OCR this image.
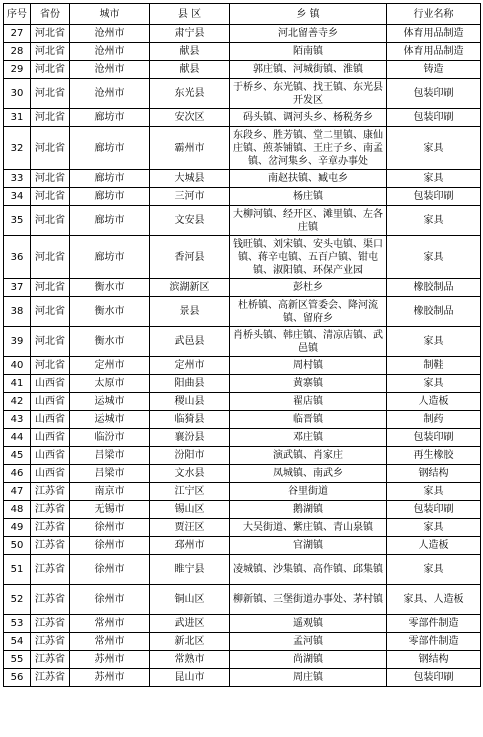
序号	省份	城市	县 区	乡 镇	行业名称
27	河北省	沧州市	肃宁县	河北留善寺乡	体育用品制造
28	河北省	沧州市	献县	陌南镇	体育用品制造
29	河北省	沧州市	献县	郭庄镇、河城街镇、淮镇	铸造
30	河北省	沧州市	东光县	于桥乡、东光镇、找王镇、东光县开发区	包装印刷
31	河北省	廊坊市	安次区	码头镇、调河头乡、杨税务乡	包装印刷
32	河北省	廊坊市	霸州市	东段乡、胜芳镇、堂二里镇、康仙庄镇、煎茶铺镇、王庄子乡、南孟镇、岔河集乡、辛章办事处	家具
33	河北省	廊坊市	大城县	南赵扶镇、臧屯乡	家具
34	河北省	廊坊市	三河市	杨庄镇	包装印刷
35	河北省	廊坊市	文安县	大柳河镇、经开区、滩里镇、左各庄镇	家具
36	河北省	廊坊市	香河县	钱旺镇、刘宋镇、安头屯镇、渠口镇、蒋辛屯镇、五百户镇、钳屯镇、淑阳镇、环保产业园	家具
37	河北省	衡水市	滨湖新区	彭杜乡	橡胶制品
38	河北省	衡水市	景县	杜桥镇、高新区管委会、降河流镇、留府乡	橡胶制品
39	河北省	衡水市	武邑县	肖桥头镇、韩庄镇、清凉店镇、武邑镇	家具
40	河北省	定州市	定州市	周村镇	制鞋
41	山西省	太原市	阳曲县	黄寨镇	家具
42	山西省	运城市	稷山县	翟店镇	人造板
43	山西省	运城市	临猗县	临晋镇	制药
44	山西省	临汾市	襄汾县	邓庄镇	包装印刷
45	山西省	吕梁市	汾阳市	演武镇、肖家庄	再生橡胶
46	山西省	吕梁市	文水县	凤城镇、南武乡	钢结构
47	江苏省	南京市	江宁区	谷里街道	家具
48	江苏省	无锡市	锡山区	鹅湖镇	包装印刷
49	江苏省	徐州市	贾汪区	大吴街道、紫庄镇、青山泉镇	家具
50	江苏省	徐州市	邳州市	官湖镇	人造板
51	江苏省	徐州市	睢宁县	凌城镇、沙集镇、高作镇、邱集镇	家具
52	江苏省	徐州市	铜山区	柳新镇、三堡街道办事处、茅村镇	家具、人造板
53	江苏省	常州市	武进区	遥观镇	零部件制造
54	江苏省	常州市	新北区	孟河镇	零部件制造
55	江苏省	苏州市	常熟市	尚湖镇	钢结构
56	江苏省	苏州市	昆山市	周庄镇	包装印刷
